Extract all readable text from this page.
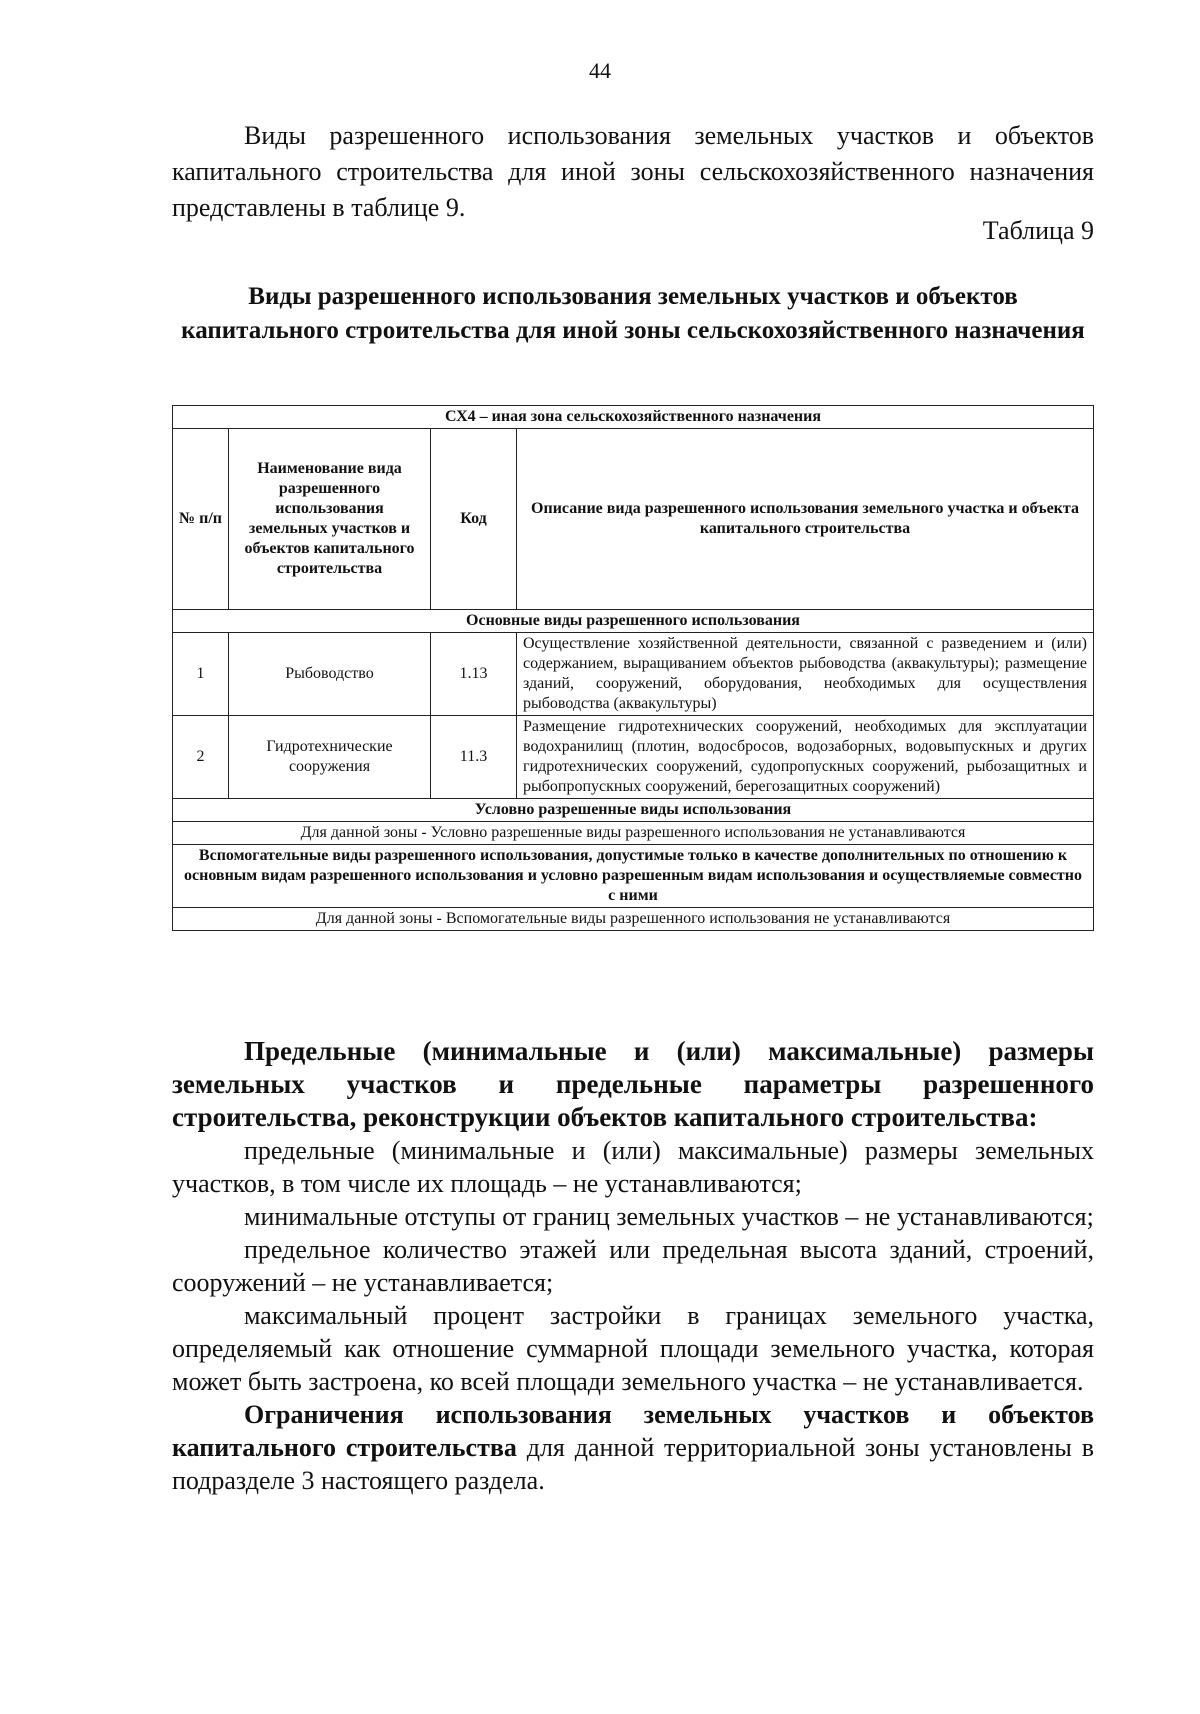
44

Виды разрешенного использования земельных участков и объектов капитального строительства для иной зоны сельскохозяйственного назначения представлены в таблице 9.

Таблица 9
Виды разрешенного использования земельных участков и объектов капитального строительства для иной зоны сельскохозяйственного назначения
СХ4 – иная зона сельскохозяйственного назначения			
№ п/п	Наименование вида разрешенного использования земельных участков и объектов капитального строительства	Код	Описание вида разрешенного использования земельного участка и объекта капитального строительства
Основные виды разрешенного использования			
1	Рыбоводство	1.13	Осуществление хозяйственной деятельности, связанной с разведением и (или) содержанием, выращиванием объектов рыбоводства (аквакультуры); размещение зданий, сооружений, оборудования, необходимых для осуществления рыбоводства (аквакультуры)
2	Гидротехнические сооружения	11.3	Размещение гидротехнических сооружений, необходимых для эксплуатации водохранилищ (плотин, водосбросов, водозаборных, водовыпускных и других гидротехнических сооружений, судопропускных сооружений, рыбозащитных и рыбопропускных сооружений, берегозащитных сооружений)
Условно разрешенные виды использования			
Для данной зоны - Условно разрешенные виды разрешенного использования не устанавливаются			
Вспомогательные виды разрешенного использования, допустимые только в качестве дополнительных по отношению к основным видам разрешенного использования и условно разрешенным видам использования и осуществляемые совместно с ними			
Для данной зоны - Вспомогательные виды разрешенного использования не устанавливаются			

Предельные (минимальные и (или) максимальные) размеры земельных участков и предельные параметры разрешенного строительства, реконструкции объектов капитального строительства:

предельные (минимальные и (или) максимальные) размеры земельных участков, в том числе их площадь – не устанавливаются;

минимальные отступы от границ земельных участков – не устанавливаются;

предельное количество этажей или предельная высота зданий, строений, сооружений – не устанавливается;

максимальный процент застройки в границах земельного участка, определяемый как отношение суммарной площади земельного участка, которая может быть застроена, ко всей площади земельного участка – не устанавливается.

Ограничения использования земельных участков и объектов капитального строительства для данной территориальной зоны установлены в подразделе 3 настоящего раздела.
